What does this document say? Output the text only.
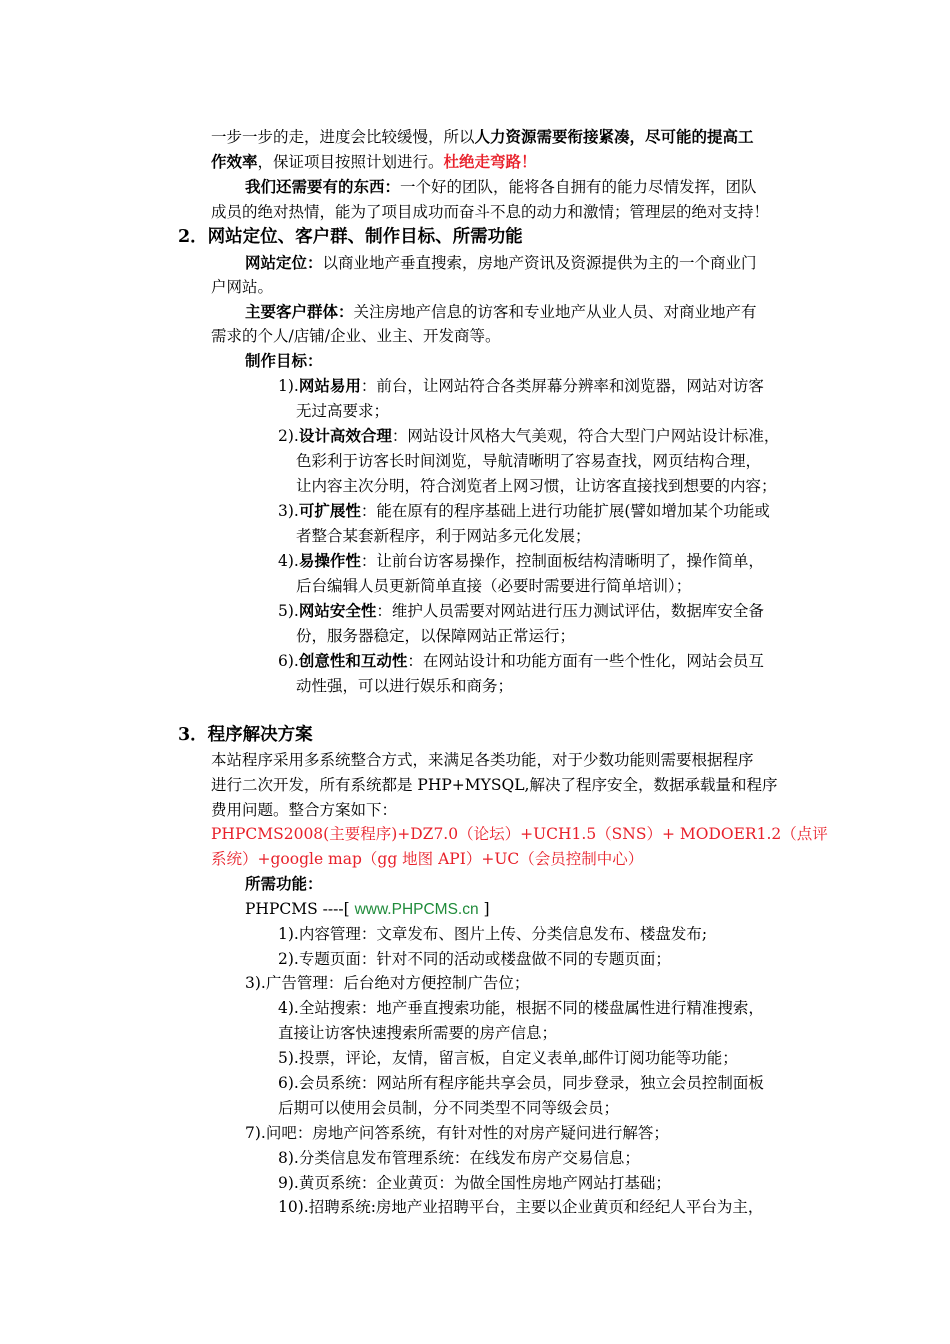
一步一步的走，进度会比较缓慢，所以人力资源需要衔接紧凑，尽可能的提高工
作效率，保证项目按照计划进行。杜绝走弯路！
我们还需要有的东西：一个好的团队，能将各自拥有的能力尽情发挥，团队
成员的绝对热情，能为了项目成功而奋斗不息的动力和激情；管理层的绝对支持！
2．网站定位、客户群、制作目标、所需功能
网站定位：以商业地产垂直搜索，房地产资讯及资源提供为主的一个商业门
户网站。
主要客户群体：关注房地产信息的访客和专业地产从业人员、对商业地产有
需求的个人/店铺/企业、业主、开发商等。
制作目标：
1).网站易用：前台，让网站符合各类屏幕分辨率和浏览器，网站对访客
无过高要求；
2).设计高效合理：网站设计风格大气美观，符合大型门户网站设计标准，
色彩利于访客长时间浏览，导航清晰明了容易查找，网页结构合理，
让内容主次分明，符合浏览者上网习惯，让访客直接找到想要的内容；
3).可扩展性：能在原有的程序基础上进行功能扩展(譬如增加某个功能或
者整合某套新程序，利于网站多元化发展；
4).易操作性：让前台访客易操作，控制面板结构清晰明了，操作简单，
后台编辑人员更新简单直接（必要时需要进行简单培训）；
5).网站安全性：维护人员需要对网站进行压力测试评估，数据库安全备
份，服务器稳定，以保障网站正常运行；
6).创意性和互动性：在网站设计和功能方面有一些个性化，网站会员互
动性强，可以进行娱乐和商务；
3．程序解决方案
本站程序采用多系统整合方式，来满足各类功能，对于少数功能则需要根据程序
进行二次开发，所有系统都是 PHP+MYSQL,解决了程序安全，数据承载量和程序
费用问题。整合方案如下：
PHPCMS2008(主要程序)+DZ7.0（论坛）+UCH1.5（SNS）+ MODOER1.2（点评
系统）+google map（gg 地图 API）+UC（会员控制中心）
所需功能：
PHPCMS ----[ www.PHPCMS.cn ]
1).内容管理：文章发布、图片上传、分类信息发布、楼盘发布;
2).专题页面：针对不同的活动或楼盘做不同的专题页面；
3).广告管理：后台绝对方便控制广告位；
4).全站搜索：地产垂直搜索功能，根据不同的楼盘属性进行精准搜索，
直接让访客快速搜索所需要的房产信息；
5).投票，评论，友情，留言板，自定义表单,邮件订阅功能等功能；
6).会员系统：网站所有程序能共享会员，同步登录，独立会员控制面板
后期可以使用会员制，分不同类型不同等级会员；
7).问吧：房地产问答系统，有针对性的对房产疑问进行解答；
8).分类信息发布管理系统：在线发布房产交易信息；
9).黄页系统：企业黄页：为做全国性房地产网站打基础；
10).招聘系统:房地产业招聘平台，主要以企业黄页和经纪人平台为主，
